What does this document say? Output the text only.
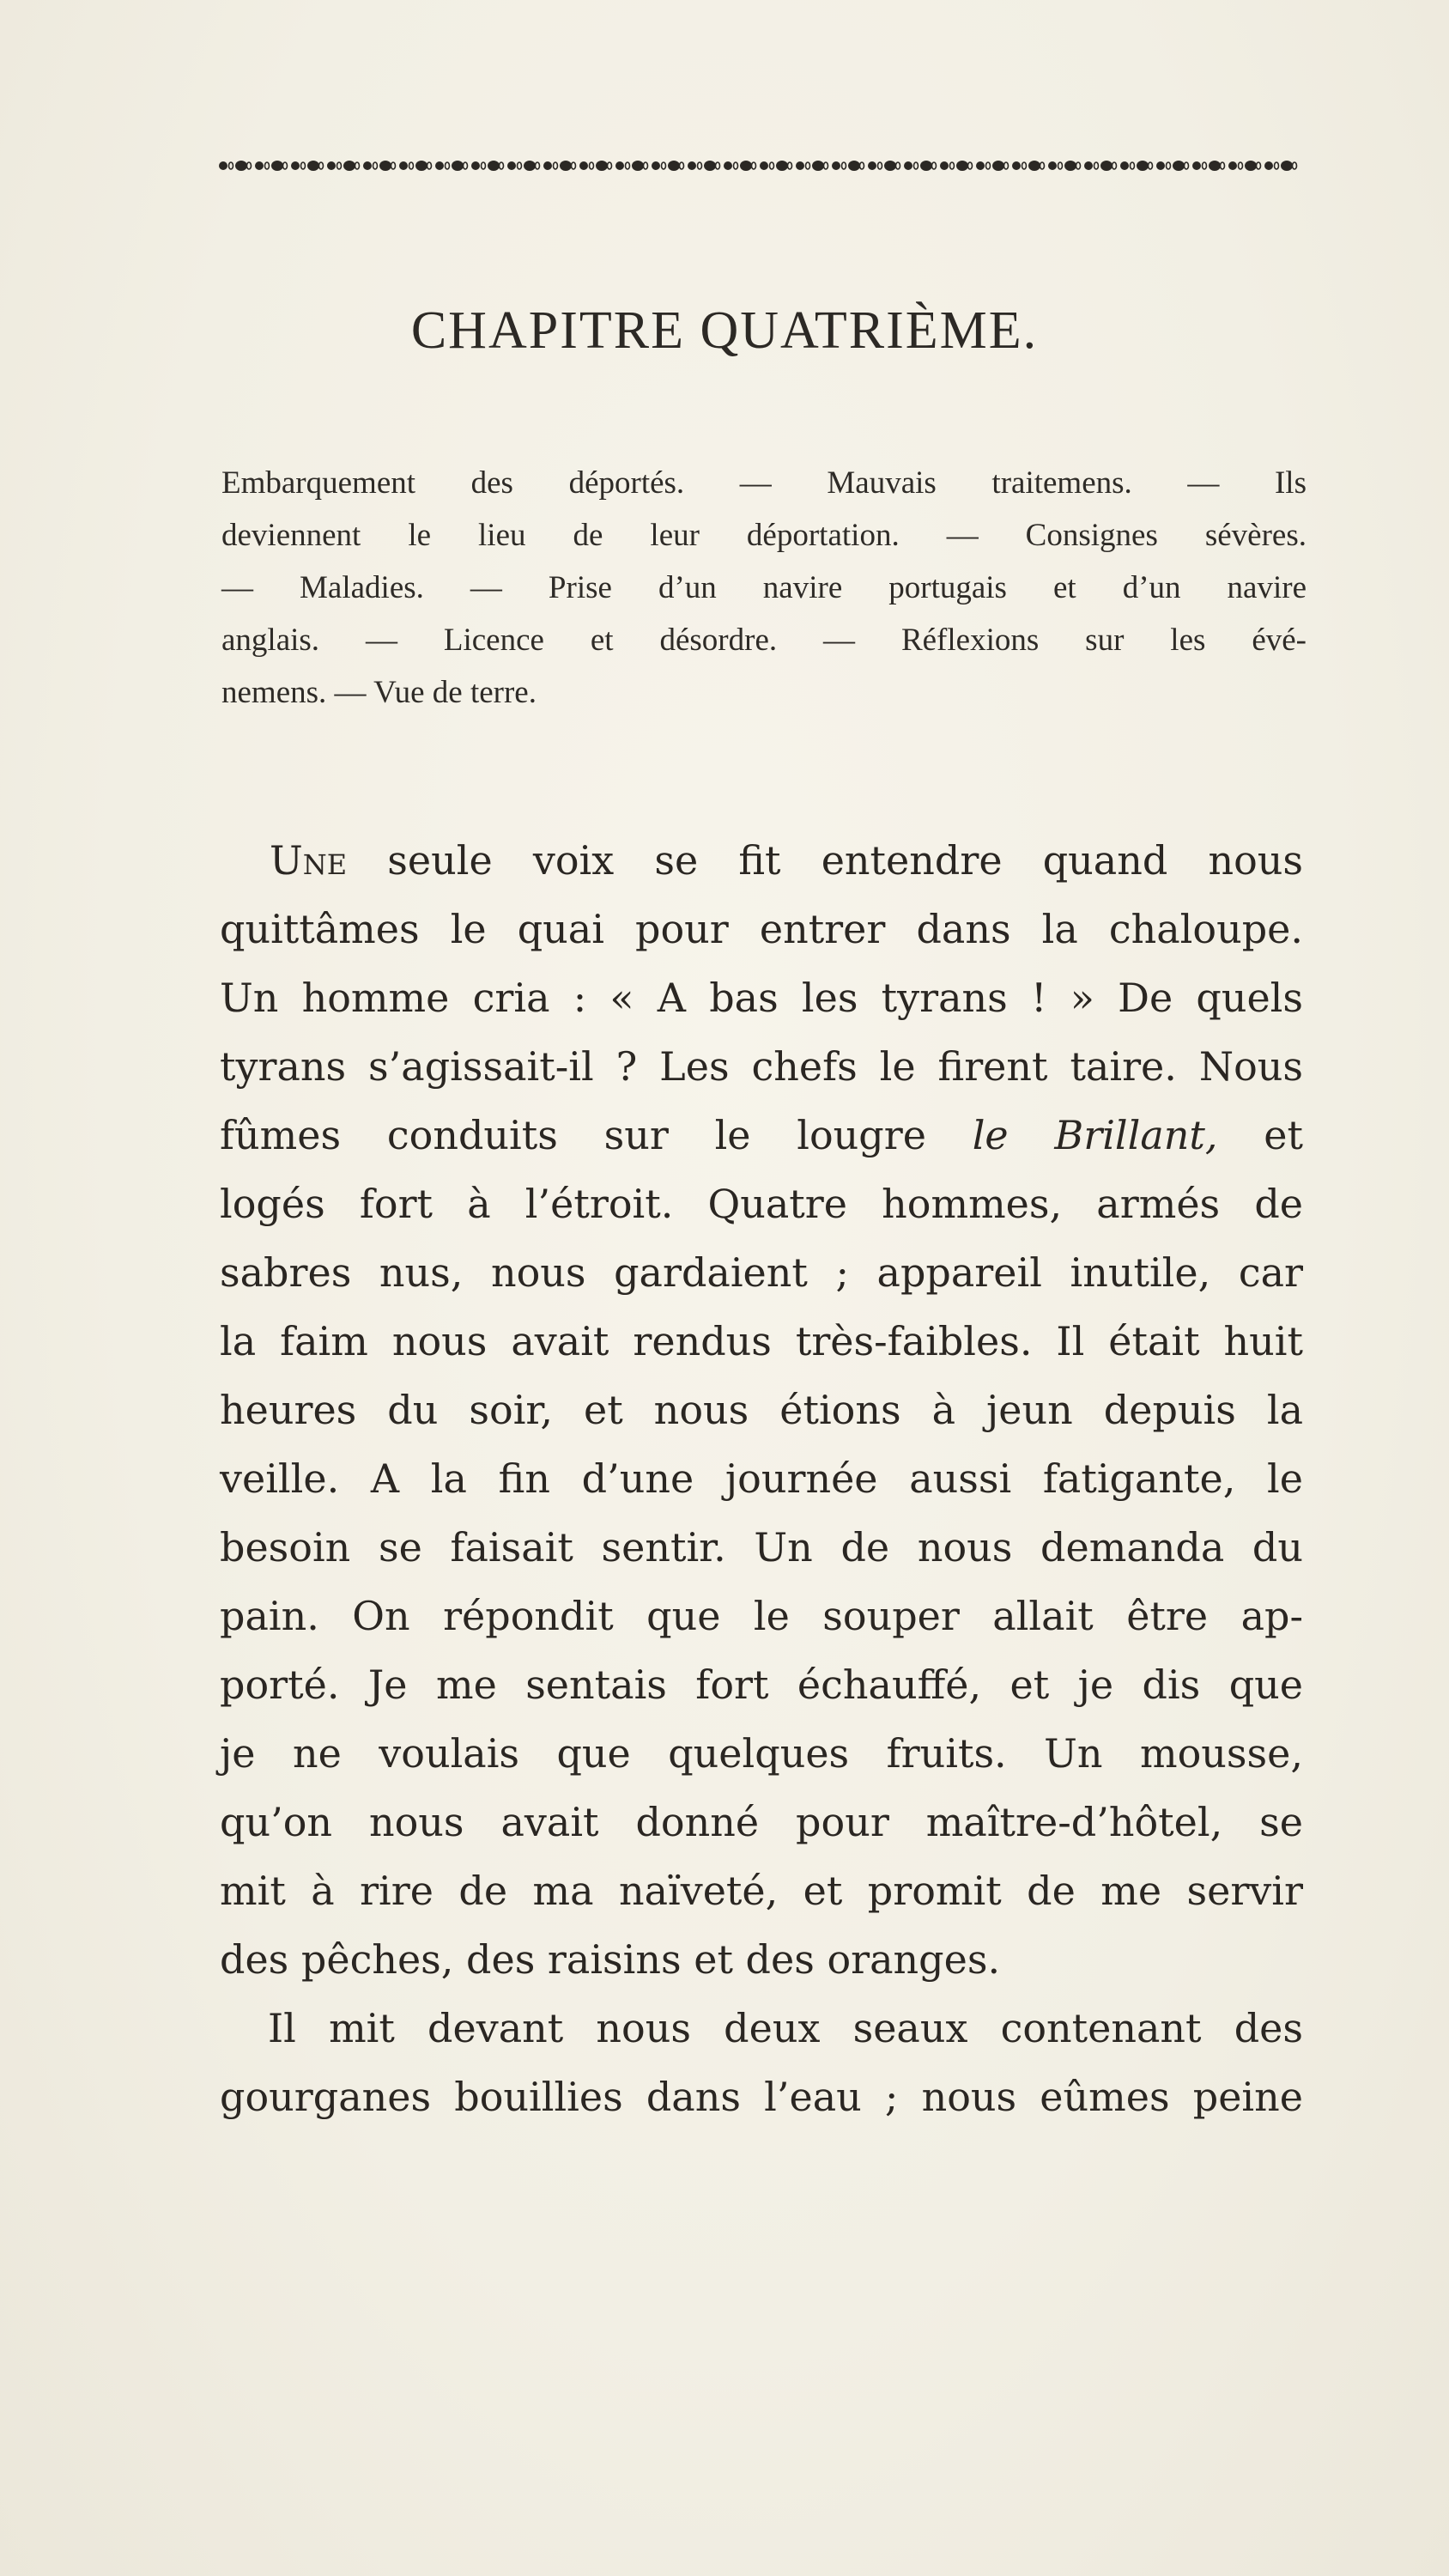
CHAPITRE QUATRIÈME.
Embarquement des déportés. — Mauvais traitemens. — Ils
deviennent le lieu de leur déportation. — Consignes sévères.
— Maladies. — Prise d’un navire portugais et d’un navire
anglais. — Licence et désordre. — Réflexions sur les évé-
nemens. — Vue de terre.
Une seule voix se fit entendre quand nous
quittâmes le quai pour entrer dans la chaloupe.
Un homme cria : « A bas les tyrans ! » De quels
tyrans s’agissait-il ? Les chefs le firent taire. Nous
fûmes conduits sur le lougre le Brillant, et
logés fort à l’étroit. Quatre hommes, armés de
sabres nus, nous gardaient ; appareil inutile, car
la faim nous avait rendus très-faibles. Il était huit
heures du soir, et nous étions à jeun depuis la
veille. A la fin d’une journée aussi fatigante, le
besoin se faisait sentir. Un de nous demanda du
pain. On répondit que le souper allait être ap-
porté. Je me sentais fort échauffé, et je dis que
je ne voulais que quelques fruits. Un mousse,
qu’on nous avait donné pour maître-d’hôtel, se
mit à rire de ma naïveté, et promit de me servir
des pêches, des raisins et des oranges.
Il mit devant nous deux seaux contenant des
gourganes bouillies dans l’eau ; nous eûmes peine
